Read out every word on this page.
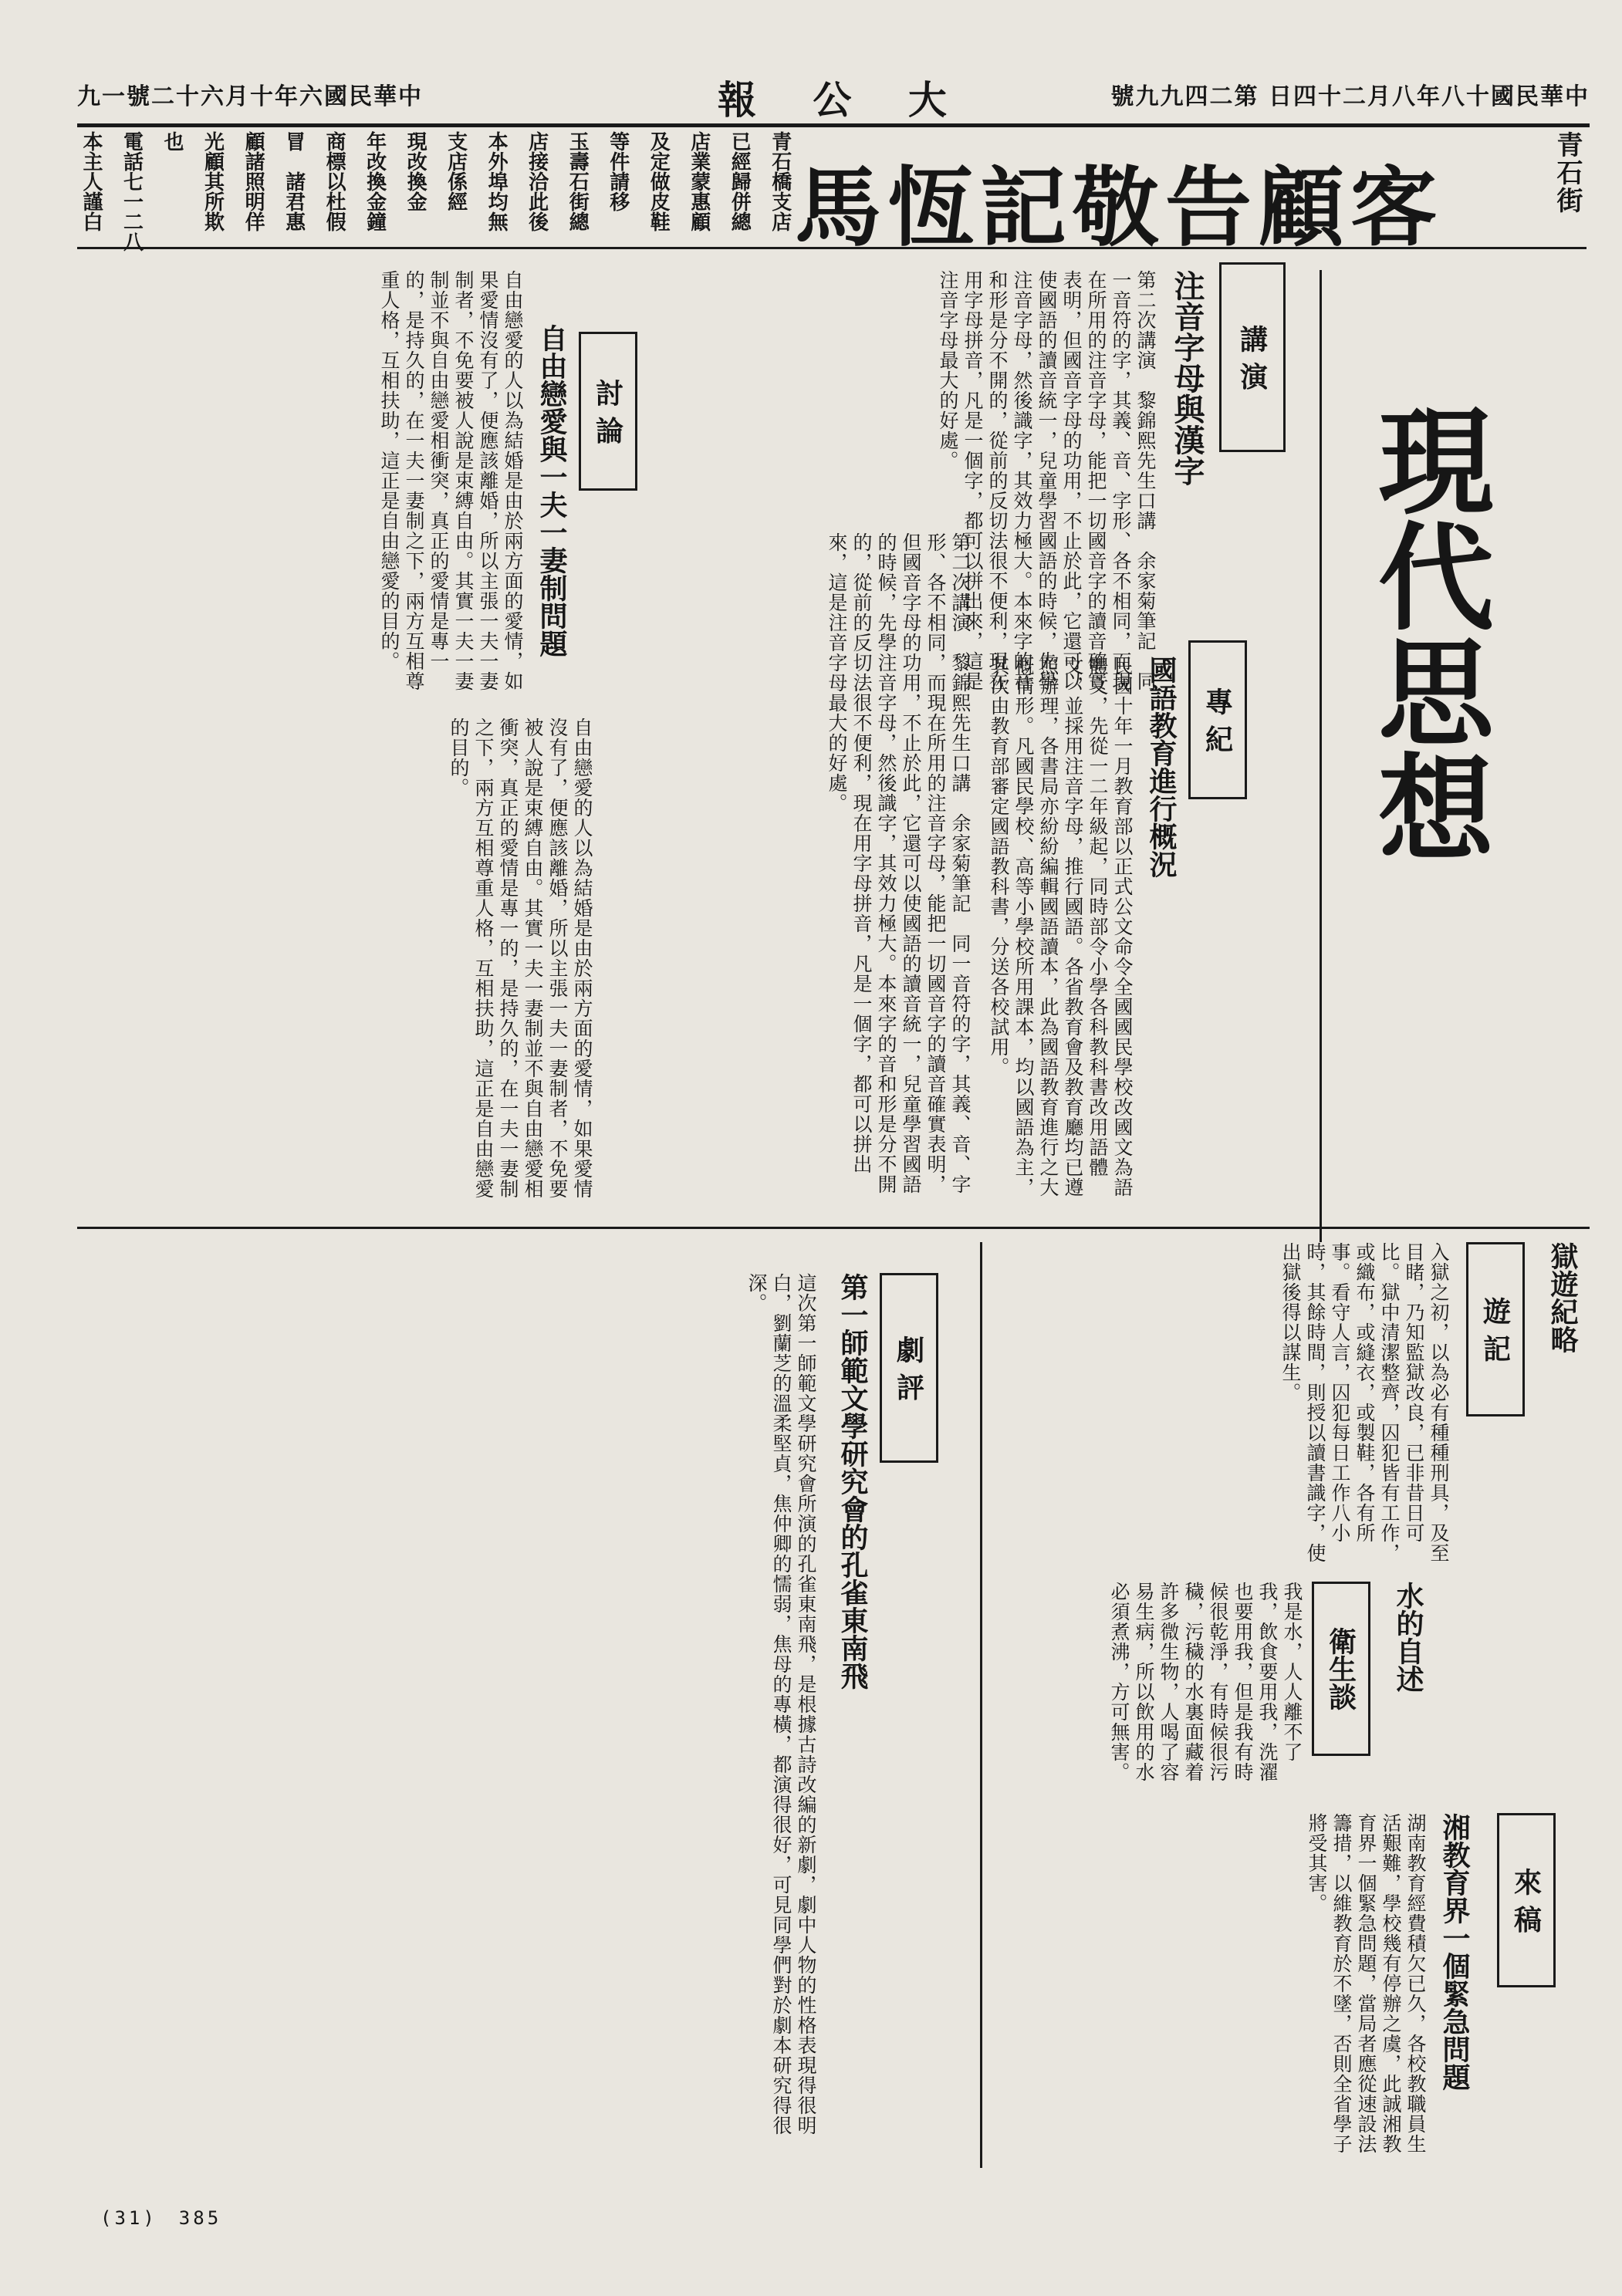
九一號二十六月十年六國民華中	報 公 大	號九九四二第 日四十二月八年八十國民華中
馬恆記敬告顧客	青石街
青石橋支店
已經歸併總
店業蒙惠顧
及定做皮鞋
等件請移
玉壽石街總
店接洽此後
本外埠均無
支店係經
現改換金
年改換金鐘
商標以杜假
冒　諸君惠
顧諸照明佯
光顧其所欺
也
電話七一二八
本主人謹白
現代思想
講 演
注音字母與漢字
第二次講演　黎錦熙先生口講　余家菊筆記　同一音符的字，其義、音、字形、各不相同，而現在所用的注音字母，能把一切國音字的讀音確實表明，但國音字母的功用，不止於此，它還可以使國語的讀音統一，兒童學習國語的時候，先學注音字母，然後識字，其效力極大。本來字的音和形是分不開的，從前的反切法很不便利，現在用字母拼音，凡是一個字，都可以拼出來，這是注音字母最大的好處。
專 紀
國語教育進行概況
民國十年一月教育部以正式公文命令全國國民學校改國文為語體文，先從一二年級起，同時部令小學各科教科書改用語體文，並採用注音字母，推行國語。各省教育會及教育廳均已遵照辦理，各書局亦紛紛編輯國語讀本，此為國語教育進行之大概情形。凡國民學校、高等小學校所用課本，均以國語為主，其次由教育部審定國語教科書，分送各校試用。
討 論
自由戀愛與一夫一妻制問題
自由戀愛的人以為結婚是由於兩方面的愛情，如果愛情沒有了，便應該離婚，所以主張一夫一妻制者，不免要被人說是束縛自由。其實一夫一妻制並不與自由戀愛相衝突，真正的愛情是專一的，是持久的，在一夫一妻制之下，兩方互相尊重人格，互相扶助，這正是自由戀愛的目的。
第二次講演　黎錦熙先生口講　余家菊筆記　同一音符的字，其義、音、字形、各不相同，而現在所用的注音字母，能把一切國音字的讀音確實表明，但國音字母的功用，不止於此，它還可以使國語的讀音統一，兒童學習國語的時候，先學注音字母，然後識字，其效力極大。本來字的音和形是分不開的，從前的反切法很不便利，現在用字母拼音，凡是一個字，都可以拼出來，這是注音字母最大的好處。
自由戀愛的人以為結婚是由於兩方面的愛情，如果愛情沒有了，便應該離婚，所以主張一夫一妻制者，不免要被人說是束縛自由。其實一夫一妻制並不與自由戀愛相衝突，真正的愛情是專一的，是持久的，在一夫一妻制之下，兩方互相尊重人格，互相扶助，這正是自由戀愛的目的。
遊 記 獄遊紀略
入獄之初，以為必有種種刑具，及至目睹，乃知監獄改良，已非昔日可比。獄中清潔整齊，囚犯皆有工作，或織布，或縫衣，或製鞋，各有所事。看守人言，囚犯每日工作八小時，其餘時間，則授以讀書識字，使出獄後得以謀生。
衛生談 水的自述
我是水，人人離不了我，飲食要用我，洗濯也要用我，但是我有時候很乾淨，有時候很污穢，污穢的水裏面藏着許多微生物，人喝了容易生病，所以飲用的水必須煮沸，方可無害。
來 稿
湘教育界一個緊急問題
湖南教育經費積欠已久，各校教職員生活艱難，學校幾有停辦之虞，此誠湘教育界一個緊急問題，當局者應從速設法籌措，以維教育於不墜，否則全省學子將受其害。
劇 評
第一師範文學研究會的孔雀東南飛
這次第一師範文學研究會所演的孔雀東南飛，是根據古詩改編的新劇，劇中人物的性格表現得很明白，劉蘭芝的溫柔堅貞，焦仲卿的懦弱，焦母的專橫，都演得很好，可見同學們對於劇本研究得很深。
(31)　385
